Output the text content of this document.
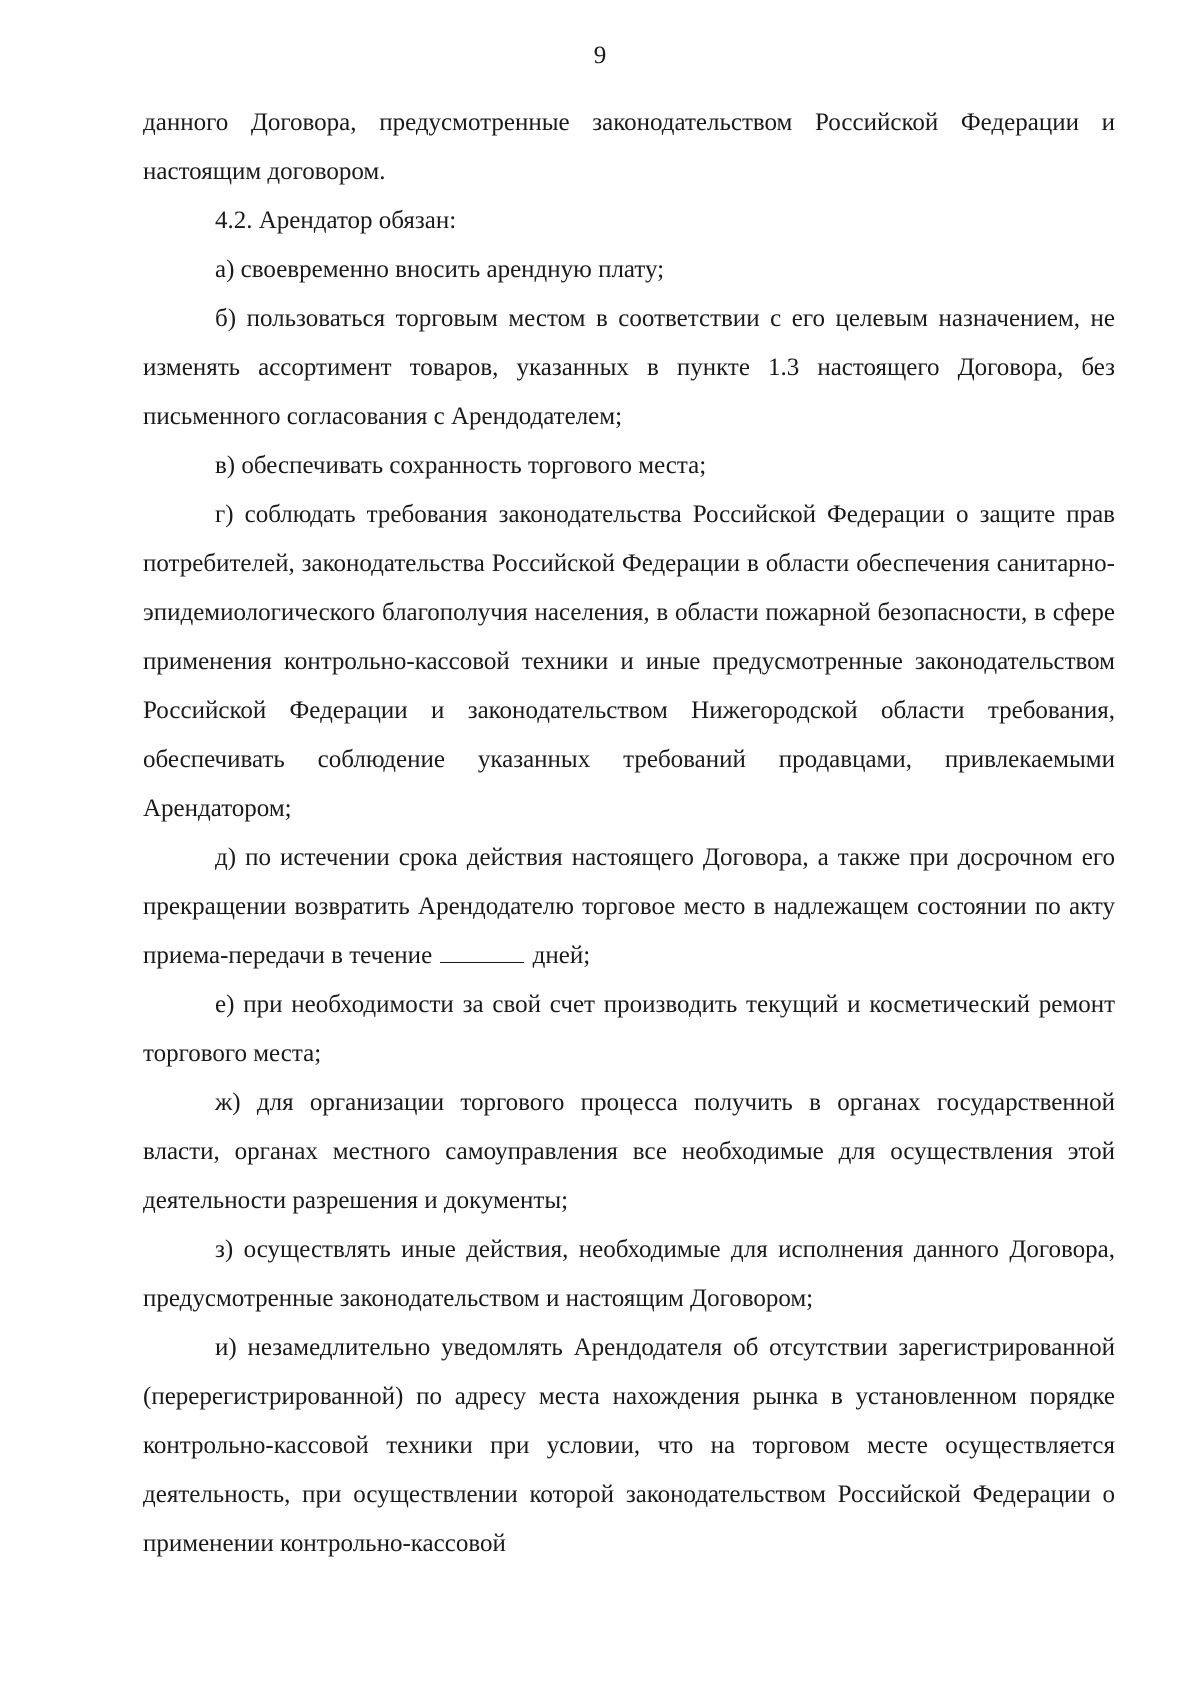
9

данного Договора, предусмотренные законодательством Российской Федерации и настоящим договором.

4.2. Арендатор обязан:

а) своевременно вносить арендную плату;

б) пользоваться торговым местом в соответствии с его целевым назначением, не изменять ассортимент товаров, указанных в пункте 1.3 настоящего Договора, без письменного согласования с Арендодателем;

в) обеспечивать сохранность торгового места;

г) соблюдать требования законодательства Российской Федерации о защите прав потребителей, законодательства Российской Федерации в области обеспечения санитарно-эпидемиологического благополучия населения, в области пожарной безопасности, в сфере применения контрольно-кассовой техники и иные предусмотренные законодательством Российской Федерации и законодательством Нижегородской области требования, обеспечивать соблюдение указанных требований продавцами, привлекаемыми Арендатором;

д) по истечении срока действия настоящего Договора, а также при досрочном его прекращении возвратить Арендодателю торговое место в надлежащем состоянии по акту приема-передачи в течение	дней;

е) при необходимости за свой счет производить текущий и косметический ремонт торгового места;

ж) для организации торгового процесса получить в органах государственной власти, органах местного самоуправления все необходимые для осуществления этой деятельности разрешения и документы;

з) осуществлять иные действия, необходимые для исполнения данного Договора, предусмотренные законодательством и настоящим Договором;

и) незамедлительно уведомлять Арендодателя об отсутствии зарегистрированной (перерегистрированной) по адресу места нахождения рынка в установленном порядке контрольно-кассовой техники при условии, что на торговом месте осуществляется деятельность, при осуществлении которой законодательством Российской Федерации о применении контрольно-кассовой
